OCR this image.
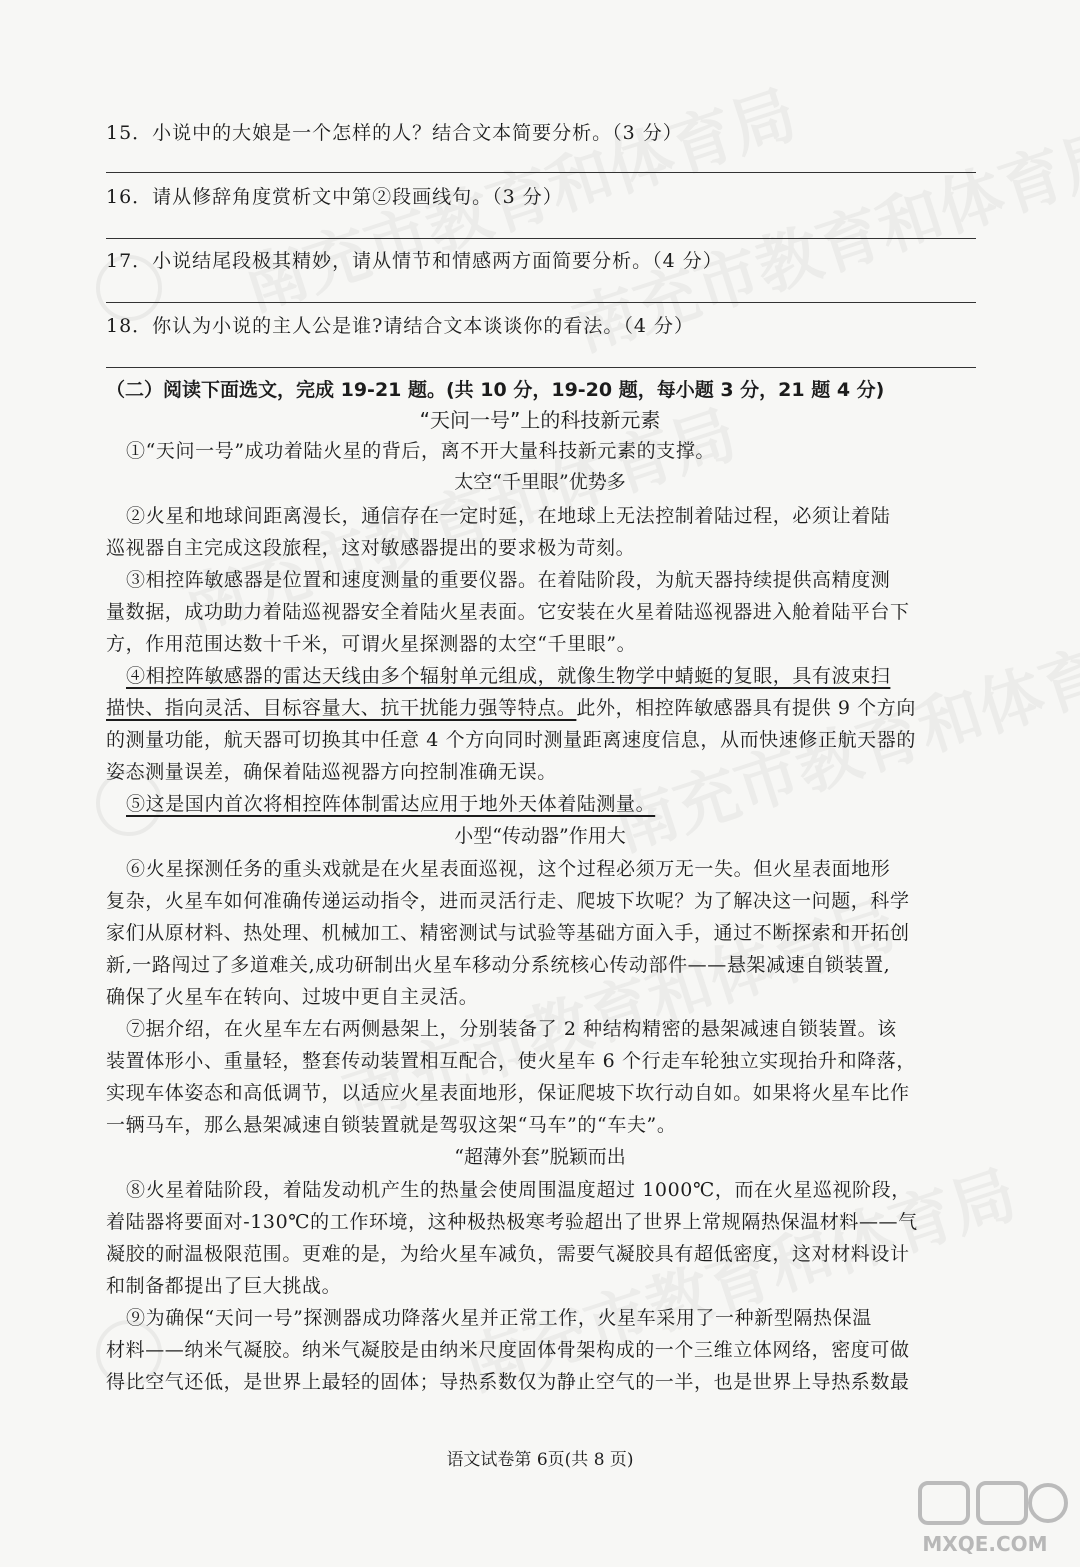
15．小说中的大娘是一个怎样的人？结合文本简要分析。（3 分）
16．请从修辞角度赏析文中第②段画线句。（3 分）
17．小说结尾段极其精妙，请从情节和情感两方面简要分析。（4 分）
18．你认为小说的主人公是谁?请结合文本谈谈你的看法。（4 分）
（二）阅读下面选文，完成 19-21 题。(共 10 分，19-20 题，每小题 3 分，21 题 4 分)
“天问一号”上的科技新元素
①“天问一号”成功着陆火星的背后，离不开大量科技新元素的支撑。
太空“千里眼”优势多
②火星和地球间距离漫长，通信存在一定时延，在地球上无法控制着陆过程，必须让着陆
巡视器自主完成这段旅程，这对敏感器提出的要求极为苛刻。
③相控阵敏感器是位置和速度测量的重要仪器。在着陆阶段，为航天器持续提供高精度测
量数据，成功助力着陆巡视器安全着陆火星表面。它安装在火星着陆巡视器进入舱着陆平台下
方，作用范围达数十千米，可谓火星探测器的太空“千里眼”。
④相控阵敏感器的雷达天线由多个辐射单元组成，就像生物学中蜻蜓的复眼，具有波束扫
描快、指向灵活、目标容量大、抗干扰能力强等特点。此外，相控阵敏感器具有提供 9 个方向
的测量功能，航天器可切换其中任意 4 个方向同时测量距离速度信息，从而快速修正航天器的
姿态测量误差，确保着陆巡视器方向控制准确无误。
⑤这是国内首次将相控阵体制雷达应用于地外天体着陆测量。
小型“传动器”作用大
⑥火星探测任务的重头戏就是在火星表面巡视，这个过程必须万无一失。但火星表面地形
复杂，火星车如何准确传递运动指令，进而灵活行走、爬坡下坎呢？为了解决这一问题，科学
家们从原材料、热处理、机械加工、精密测试与试验等基础方面入手，通过不断探索和开拓创
新,一路闯过了多道难关,成功研制出火星车移动分系统核心传动部件——悬架减速自锁装置,
确保了火星车在转向、过坡中更自主灵活。
⑦据介绍，在火星车左右两侧悬架上，分别装备了 2 种结构精密的悬架减速自锁装置。该
装置体形小、重量轻，整套传动装置相互配合，使火星车 6 个行走车轮独立实现抬升和降落，
实现车体姿态和高低调节，以适应火星表面地形，保证爬坡下坎行动自如。如果将火星车比作
一辆马车，那么悬架减速自锁装置就是驾驭这架“马车”的“车夫”。
“超薄外套”脱颖而出
⑧火星着陆阶段，着陆发动机产生的热量会使周围温度超过 1000℃，而在火星巡视阶段，
着陆器将要面对-130℃的工作环境，这种极热极寒考验超出了世界上常规隔热保温材料——气
凝胶的耐温极限范围。更难的是，为给火星车减负，需要气凝胶具有超低密度，这对材料设计
和制备都提出了巨大挑战。
⑨为确保“天问一号”探测器成功降落火星并正常工作，火星车采用了一种新型隔热保温
材料——纳米气凝胶。纳米气凝胶是由纳米尺度固体骨架构成的一个三维立体网络，密度可做
得比空气还低，是世界上最轻的固体；导热系数仅为静止空气的一半，也是世界上导热系数最
语文试卷第 6页(共 8 页)
MXQE.COM
